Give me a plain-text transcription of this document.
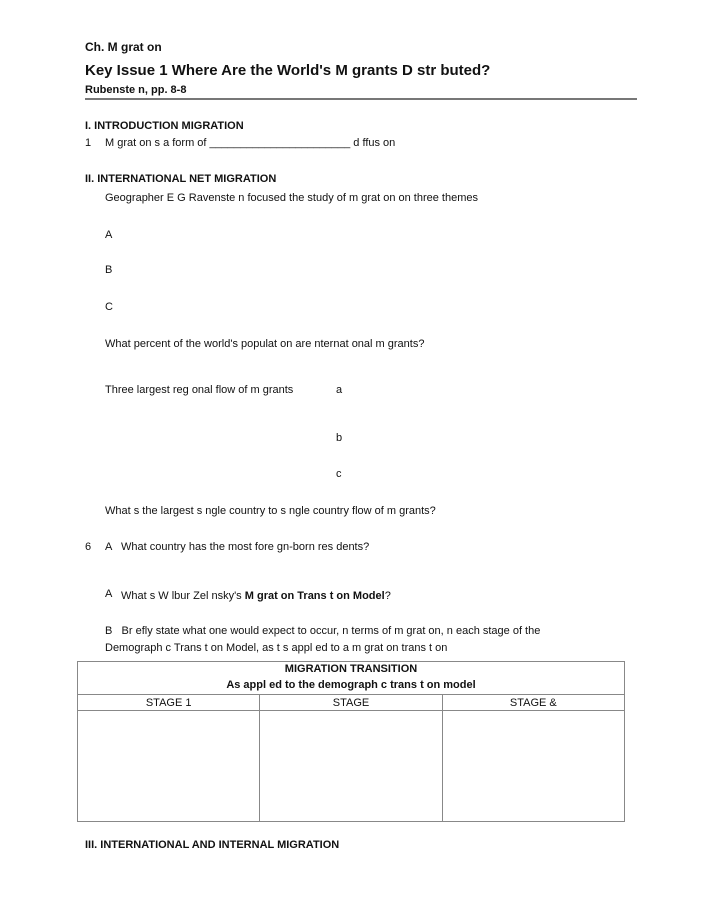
Ch. M grat on
Key Issue 1 Where Are the World's M grants D str buted?
Rubenste n, pp. 8-8
I. INTRODUCTION MIGRATION
1 M grat on s a form of _______________________ d ffus on
II. INTERNATIONAL NET MIGRATION
Geographer E G Ravenste n focused the study of m grat on on three themes
A
B
C
What percent of the world's populat on are nternat onal m grants?
Three largest reg onal flow of m grants	a
b
c
What s the largest s ngle country to s ngle country flow of m grants?
6 A What country has the most fore gn-born res dents?
A What s W lbur Zel nsky's M grat on Trans t on Model?
B Br efly state what one would expect to occur, n terms of m grat on, n each stage of the
Demograph c Trans t on Model, as t s appl ed to a m grat on trans t on
MIGRATION TRANSITION
As appl ed to the demograph c trans t on model		

STAGE 1	STAGE	STAGE &

III. INTERNATIONAL AND INTERNAL MIGRATION
